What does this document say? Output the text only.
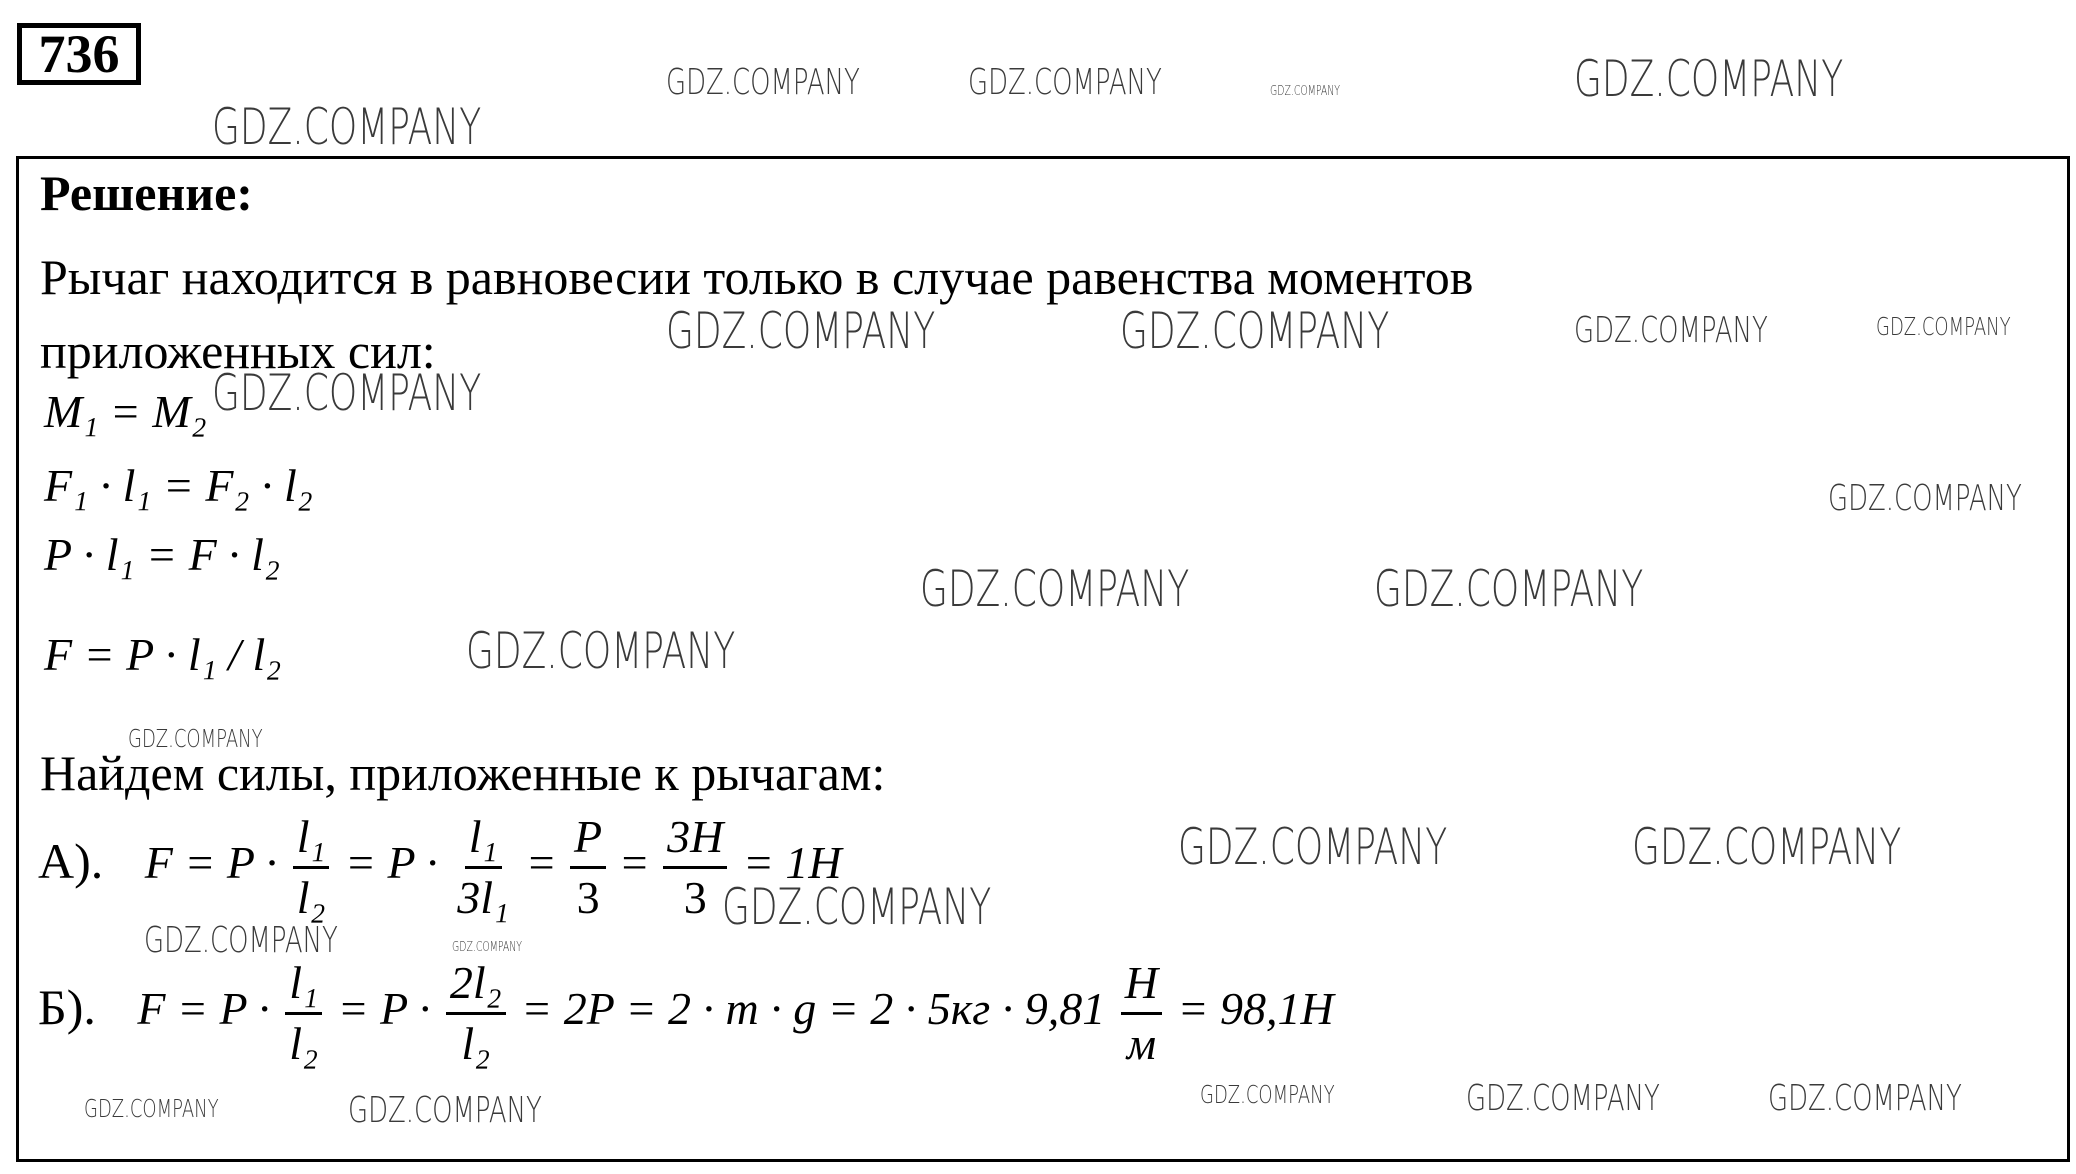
736
Решение:
Рычаг находится в равновесии только в случае равенства моментов
приложенных сил:
M₁ = M₂
F₁ · l₁ = F₂ · l₂
P · l₁ = F · l₂
F = P · l₁ / l₂
Найдем силы, приложенные к рычагам:
А). $F = P \cdot \frac{\text{l₁}}{\text{l₂}} = P \cdot \frac{\text{l₁}}{\text{3l₁}} = \frac{P}{3} = \frac{3H}{3} = 1H$
Б). $F = P \cdot \frac{\text{l₁}}{\text{l₂}} = P \cdot \frac{\text{2l₂}}{\text{l₂}} = 2P = 2 \cdot m \cdot g = 2 \cdot 5кг \cdot 9,81 \frac{H}{м} = 98,1H$
GDZ.COMPANY
GDZ.COMPANY	GDZ.COMPANY	GDZ.COMPANY	GDZ.COMPANY
GDZ.COMPANY	GDZ.COMPANY	GDZ.COMPANY	GDZ.COMPANY
GDZ.COMPANY
GDZ.COMPANY
GDZ.COMPANY	GDZ.COMPANY
GDZ.COMPANY
GDZ.COMPANY
GDZ.COMPANY	GDZ.COMPANY
GDZ.COMPANY
GDZ.COMPANY	GDZ.COMPANY
GDZ.COMPANY	GDZ.COMPANY	GDZ.COMPANY	GDZ.COMPANY	GDZ.COMPANY
